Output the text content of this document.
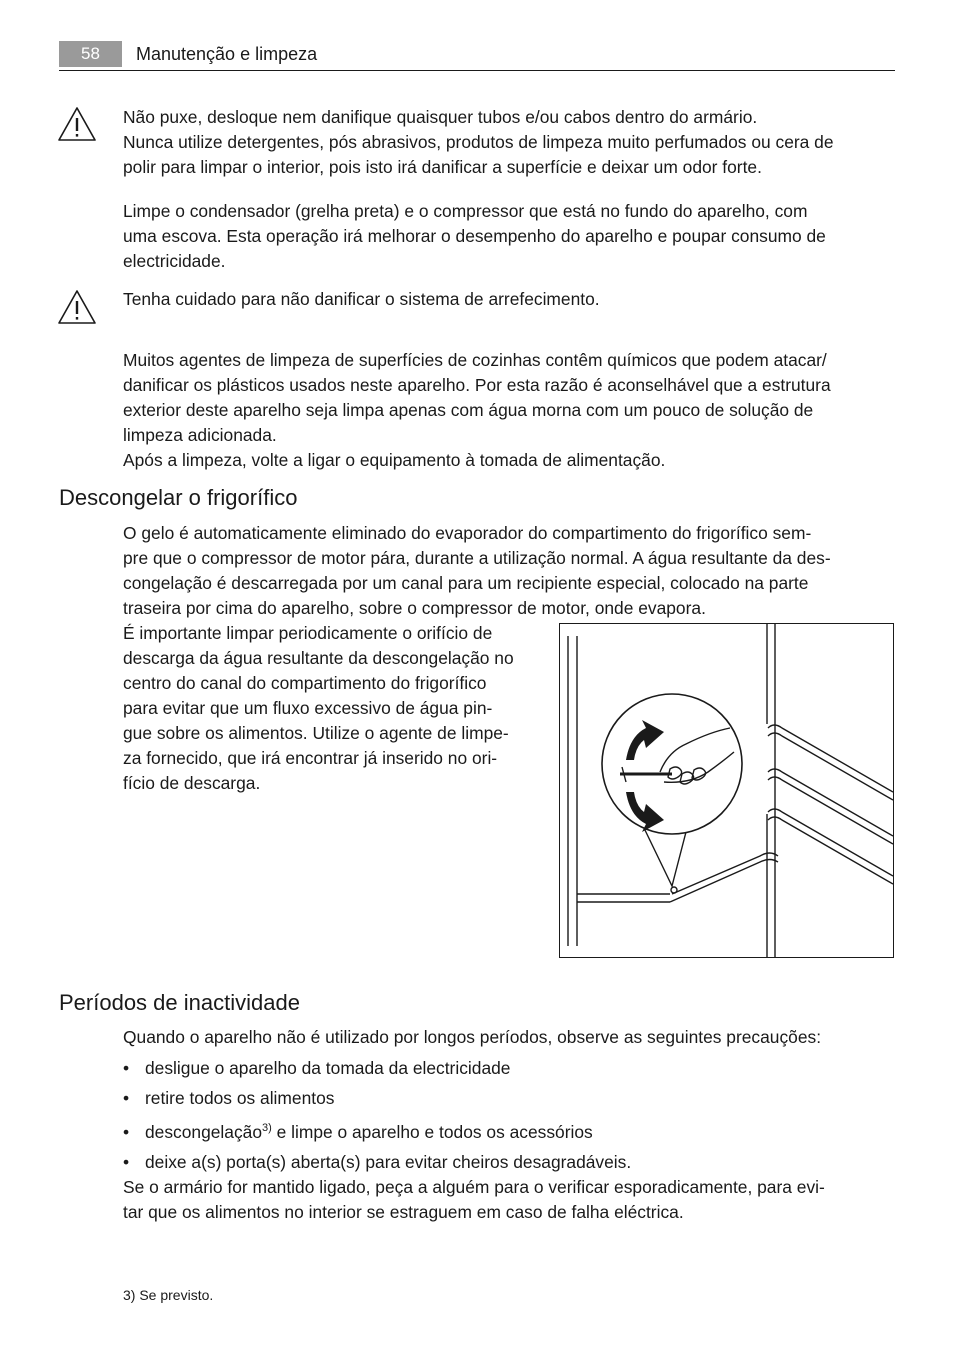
58	Manutenção e limpeza
Não puxe, desloque nem danifique quaisquer tubos e/ou cabos dentro do armário.
Nunca utilize detergentes, pós abrasivos, produtos de limpeza muito perfumados ou cera de
polir para limpar o interior, pois isto irá danificar a superfície e deixar um odor forte.
Limpe o condensador (grelha preta) e o compressor que está no fundo do aparelho, com
uma escova. Esta operação irá melhorar o desempenho do aparelho e poupar consumo de
electricidade.
Tenha cuidado para não danificar o sistema de arrefecimento.
Muitos agentes de limpeza de superfícies de cozinhas contêm químicos que podem atacar/
danificar os plásticos usados neste aparelho. Por esta razão é aconselhável que a estrutura
exterior deste aparelho seja limpa apenas com água morna com um pouco de solução de
limpeza adicionada.
Após a limpeza, volte a ligar o equipamento à tomada de alimentação.
Descongelar o frigorífico
O gelo é automaticamente eliminado do evaporador do compartimento do frigorífico sem-
pre que o compressor de motor pára, durante a utilização normal. A água resultante da des-
congelação é descarregada por um canal para um recipiente especial, colocado na parte
traseira por cima do aparelho, sobre o compressor de motor, onde evapora.
É importante limpar periodicamente o orifício de
descarga da água resultante da descongelação no
centro do canal do compartimento do frigorífico
para evitar que um fluxo excessivo de água pin-
gue sobre os alimentos. Utilize o agente de limpe-
za fornecido, que irá encontrar já inserido no ori-
fício de descarga.
Períodos de inactividade
Quando o aparelho não é utilizado por longos períodos, observe as seguintes precauções:
• desligue o aparelho da tomada da electricidade
• retire todos os alimentos
• descongelação$^{3)}$ e limpe o aparelho e todos os acessórios
• deixe a(s) porta(s) aberta(s) para evitar cheiros desagradáveis.
Se o armário for mantido ligado, peça a alguém para o verificar esporadicamente, para evi-
tar que os alimentos no interior se estraguem em caso de falha eléctrica.
3) Se previsto.
